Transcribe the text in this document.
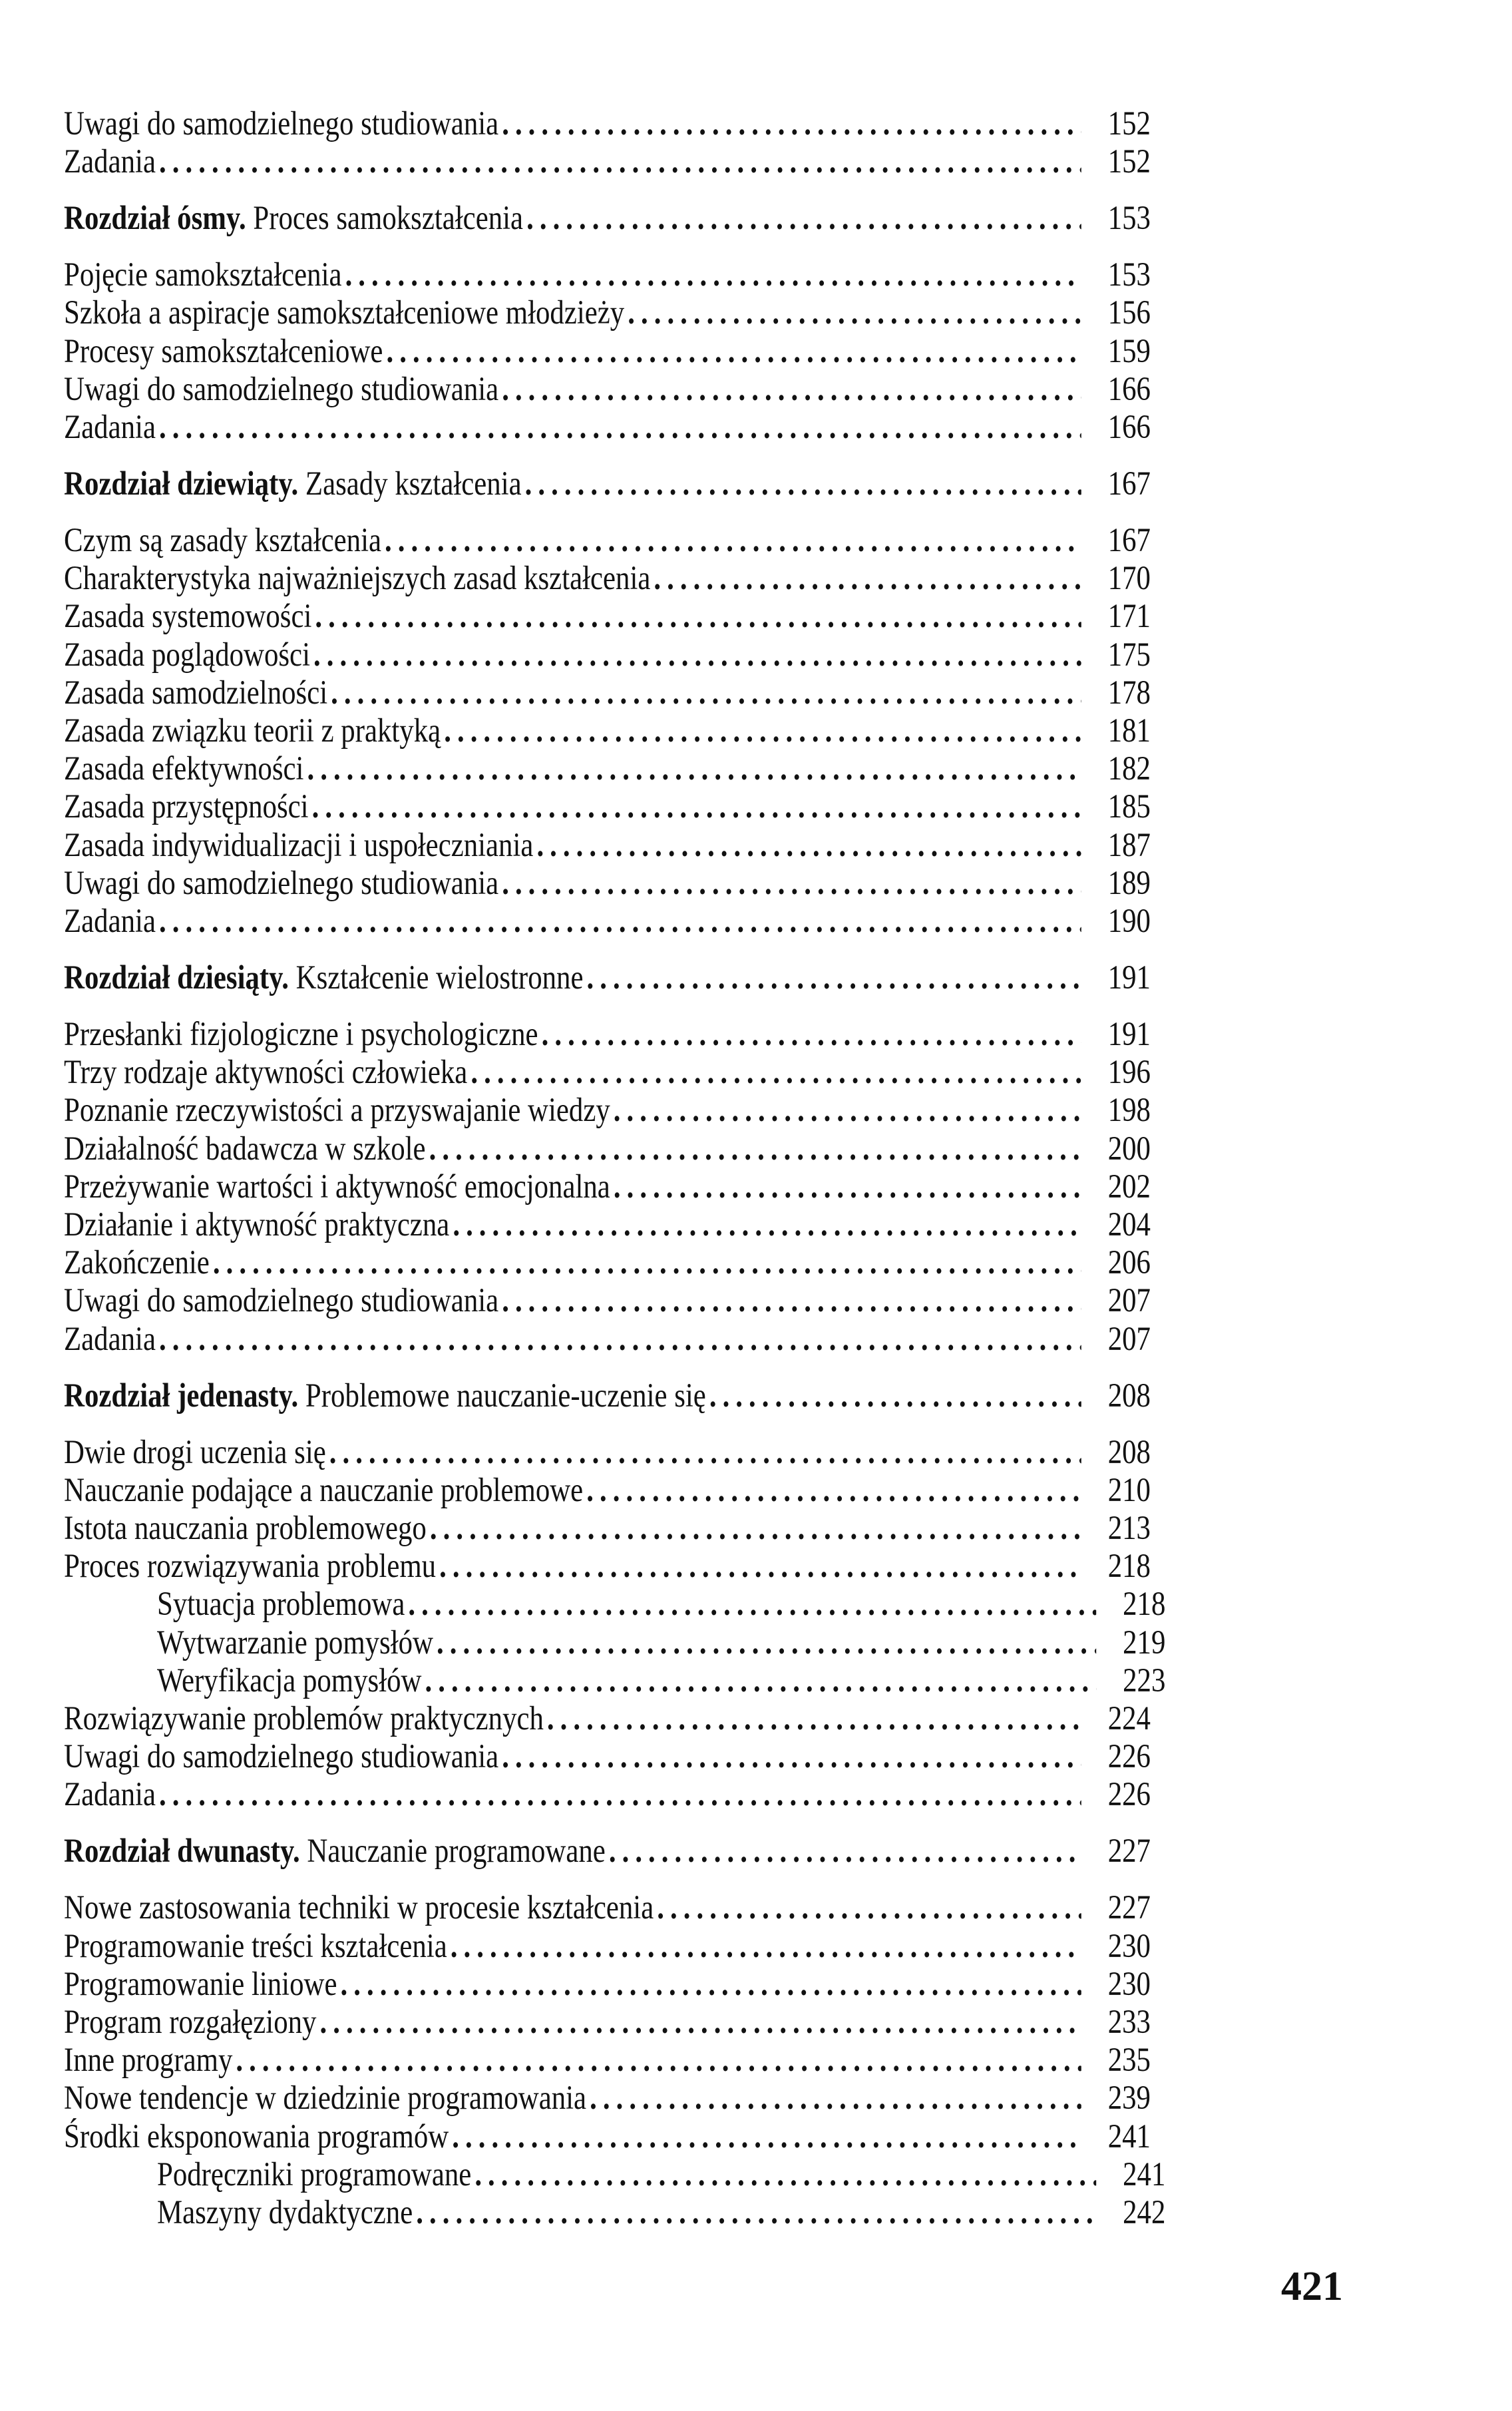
Uwagi do samodzielnego studiowania . . .	152
Zadania . . .	152
Rozdział ósmy. Proces samokształcenia . . .	153
Pojęcie samokształcenia . . .	153
Szkoła a aspiracje samokształceniowe młodzieży . . .	156
Procesy samokształceniowe . . .	159
Uwagi do samodzielnego studiowania . . .	166
Zadania . . .	166
Rozdział dziewiąty. Zasady kształcenia . . .	167
Czym są zasady kształcenia . . .	167
Charakterystyka najważniejszych zasad kształcenia . . .	170
Zasada systemowości . . .	171
Zasada poglądowości . . .	175
Zasada samodzielności . . .	178
Zasada związku teorii z praktyką . . .	181
Zasada efektywności . . .	182
Zasada przystępności . . .	185
Zasada indywidualizacji i uspołeczniania . . .	187
Uwagi do samodzielnego studiowania . . .	189
Zadania . . .	190
Rozdział dziesiąty. Kształcenie wielostronne . . .	191
Przesłanki fizjologiczne i psychologiczne . . .	191
Trzy rodzaje aktywności człowieka . . .	196
Poznanie rzeczywistości a przyswajanie wiedzy . . .	198
Działalność badawcza w szkole . . .	200
Przeżywanie wartości i aktywność emocjonalna . . .	202
Działanie i aktywność praktyczna . . .	204
Zakończenie . . .	206
Uwagi do samodzielnego studiowania . . .	207
Zadania . . .	207
Rozdział jedenasty. Problemowe nauczanie-uczenie się . . .	208
Dwie drogi uczenia się . . .	208
Nauczanie podające a nauczanie problemowe . . .	210
Istota nauczania problemowego . . .	213
Proces rozwiązywania problemu . . .	218
Sytuacja problemowa . . .	218
Wytwarzanie pomysłów . . .	219
Weryfikacja pomysłów . . .	223
Rozwiązywanie problemów praktycznych . . .	224
Uwagi do samodzielnego studiowania . . .	226
Zadania . . .	226
Rozdział dwunasty. Nauczanie programowane . . .	227
Nowe zastosowania techniki w procesie kształcenia . . .	227
Programowanie treści kształcenia . . .	230
Programowanie liniowe . . .	230
Program rozgałęziony . . .	233
Inne programy . . .	235
Nowe tendencje w dziedzinie programowania . . .	239
Środki eksponowania programów . . .	241
Podręczniki programowane . . .	241
Maszyny dydaktyczne . . .	242
421
